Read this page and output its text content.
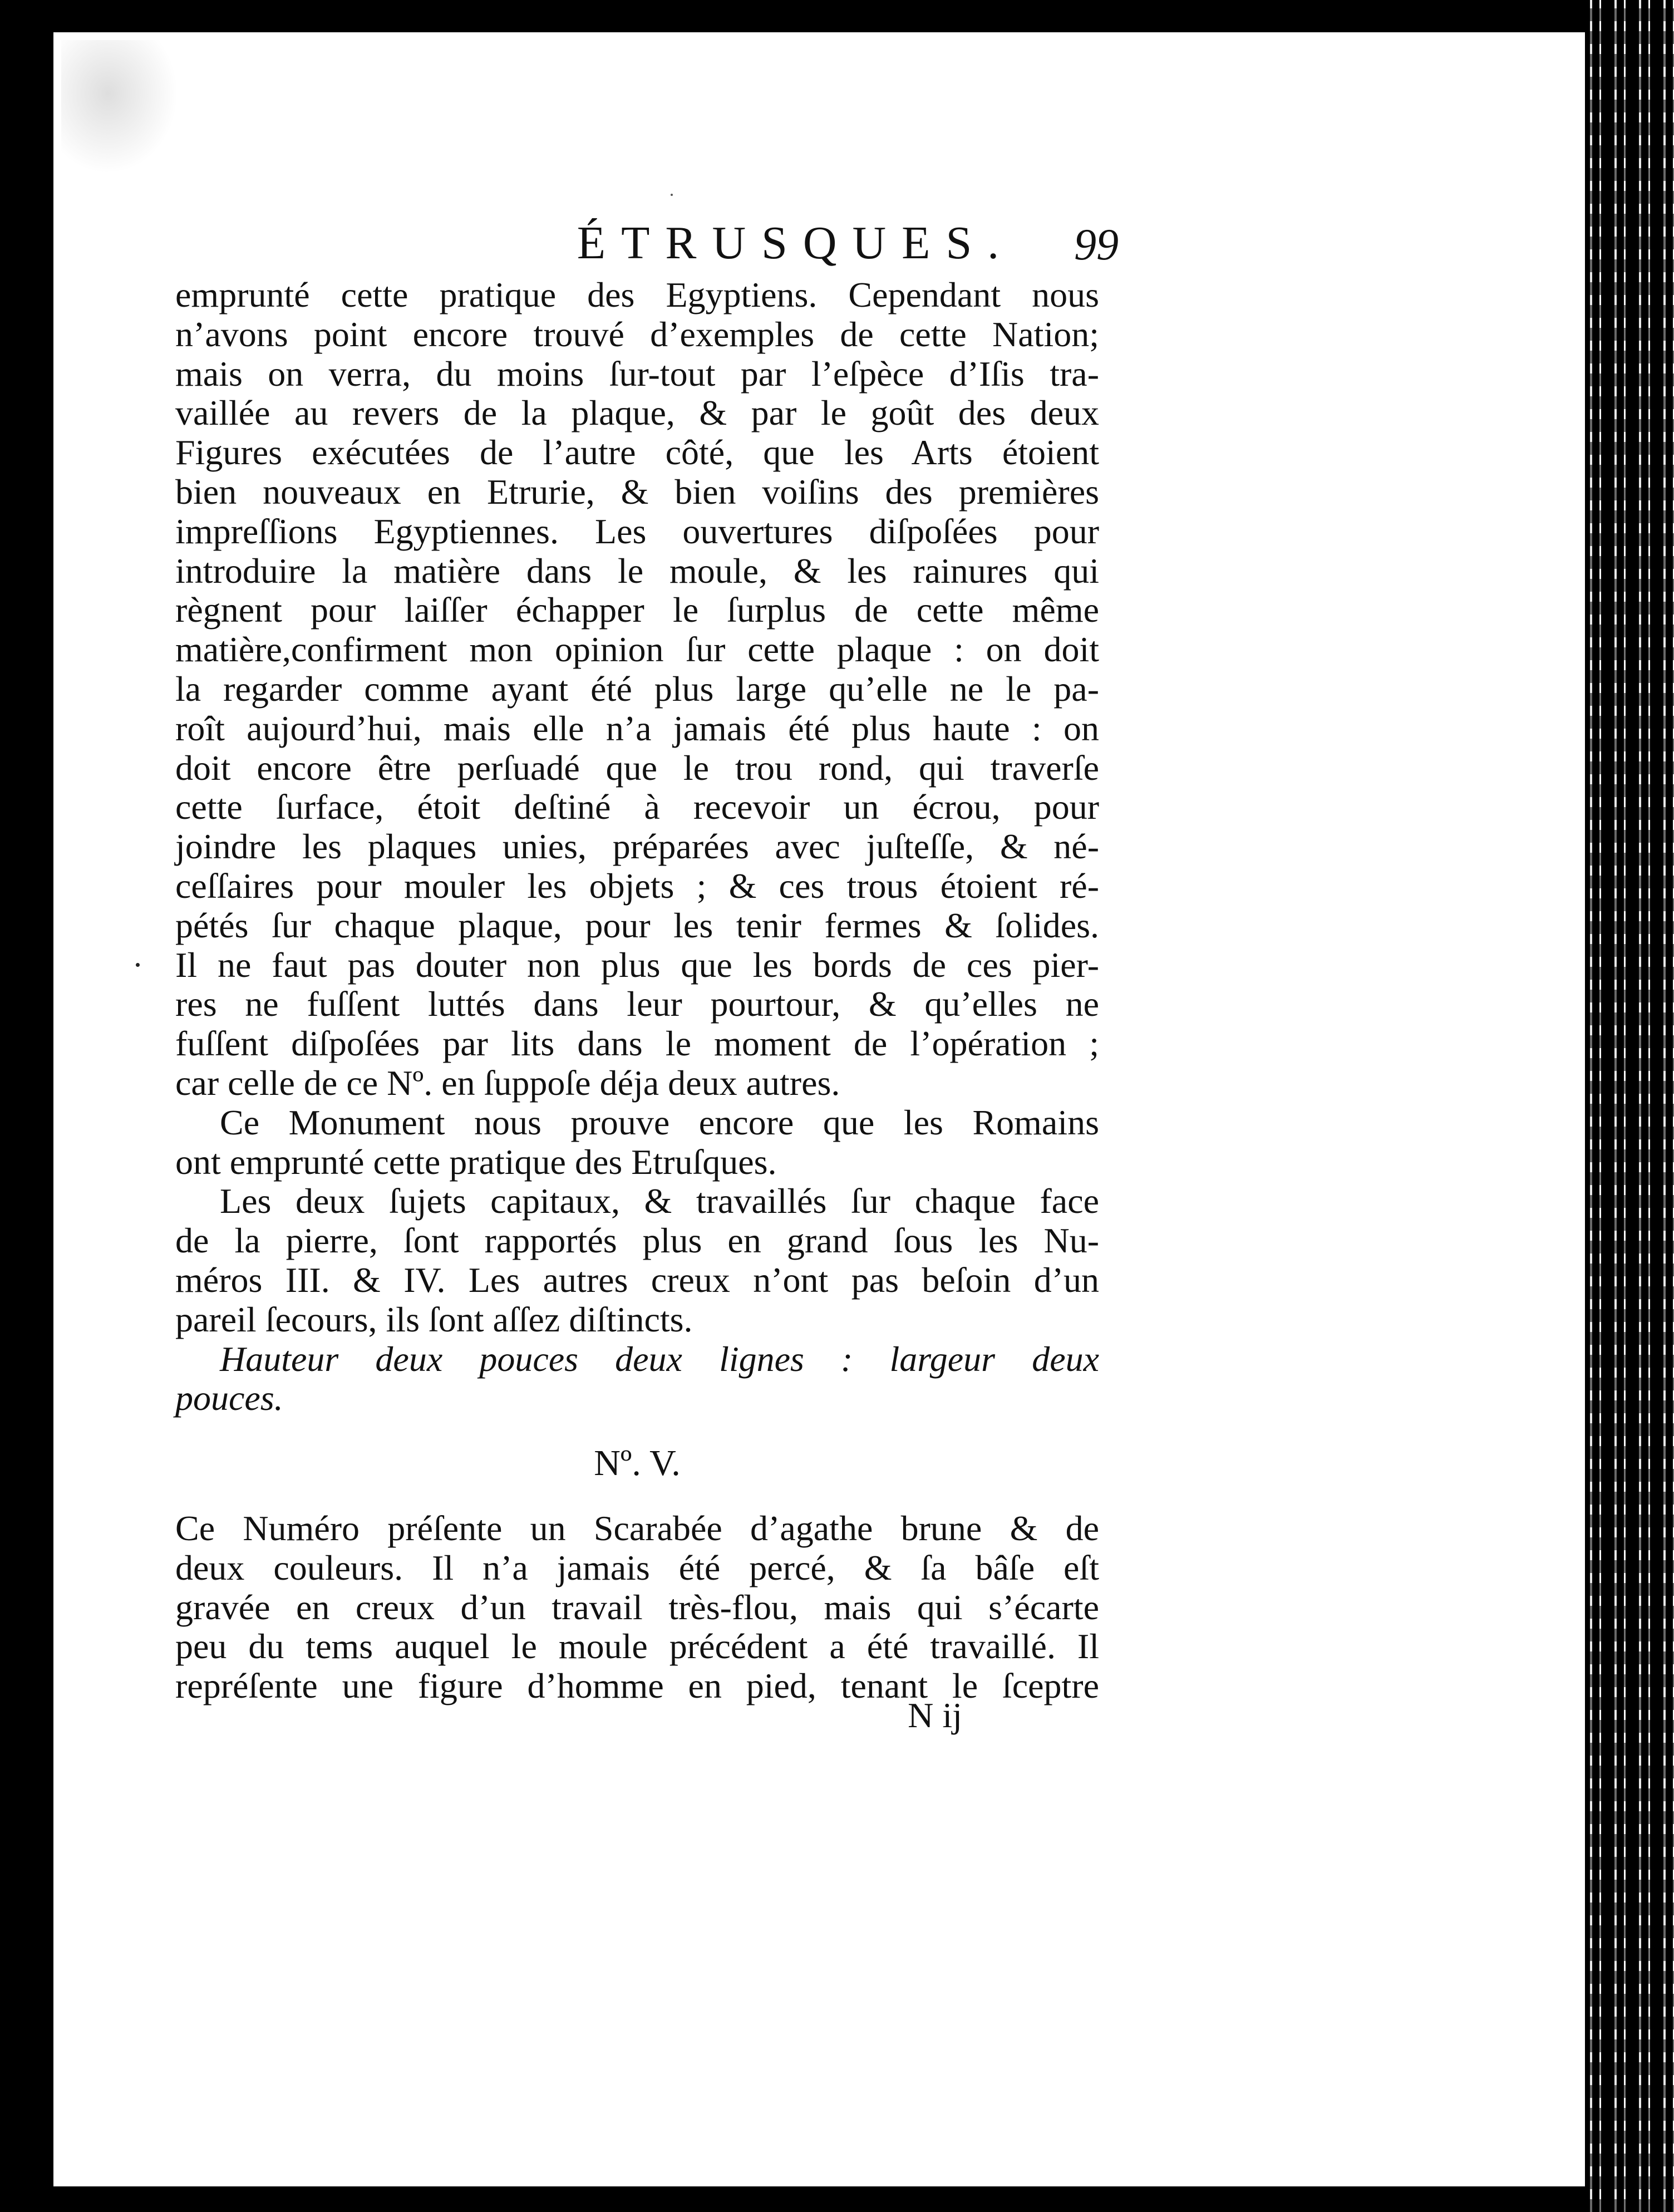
ÉTRUSQUES.	99
emprunté cette pratique des Egyptiens. Cependant nous
n’avons point encore trouvé d’exemples de cette Nation;
mais on verra, du moins ſur-tout par l’eſpèce d’Iſis tra-
vaillée au revers de la plaque, & par le goût des deux
Figures exécutées de l’autre côté, que les Arts étoient
bien nouveaux en Etrurie, & bien voiſins des premières
impreſſions Egyptiennes. Les ouvertures diſpoſées pour
introduire la matière dans le moule, & les rainures qui
règnent pour laiſſer échapper le ſurplus de cette même
matière,confirment mon opinion ſur cette plaque : on doit
la regarder comme ayant été plus large qu’elle ne le pa-
roît aujourd’hui, mais elle n’a jamais été plus haute : on
doit encore être perſuadé que le trou rond, qui traverſe
cette ſurface, étoit deſtiné à recevoir un écrou, pour
joindre les plaques unies, préparées avec juſteſſe, & né-
ceſſaires pour mouler les objets ; & ces trous étoient ré-
pétés ſur chaque plaque, pour les tenir fermes & ſolides.
Il ne faut pas douter non plus que les bords de ces pier-
res ne fuſſent luttés dans leur pourtour, & qu’elles ne
fuſſent diſpoſées par lits dans le moment de l’opération ;
car celle de ce Nº. en ſuppoſe déja deux autres.
Ce Monument nous prouve encore que les Romains
ont emprunté cette pratique des Etruſques.
Les deux ſujets capitaux, & travaillés ſur chaque face
de la pierre, ſont rapportés plus en grand ſous les Nu-
méros III. & IV. Les autres creux n’ont pas beſoin d’un
pareil ſecours, ils ſont aſſez diſtincts.
Hauteur deux pouces deux lignes : largeur deux
pouces.
Nº. V.
Ce Numéro préſente un Scarabée d’agathe brune & de
deux couleurs. Il n’a jamais été percé, & ſa bâſe eſt
gravée en creux d’un travail très-flou, mais qui s’écarte
peu du tems auquel le moule précédent a été travaillé. Il
repréſente une figure d’homme en pied, tenant le ſceptre
N ij
